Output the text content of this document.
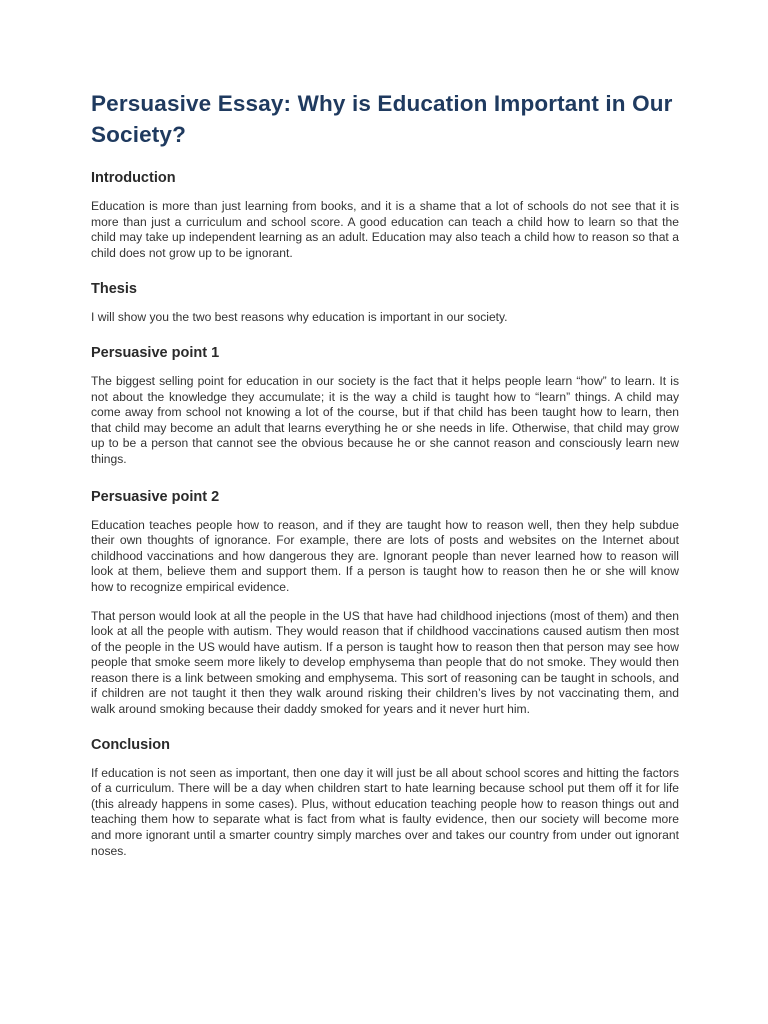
Persuasive Essay: Why is Education Important in Our Society?
Introduction

Education is more than just learning from books, and it is a shame that a lot of schools do not see that it is more than just a curriculum and school score. A good education can teach a child how to learn so that the child may take up independent learning as an adult. Education may also teach a child how to reason so that a child does not grow up to be ignorant.

Thesis

I will show you the two best reasons why education is important in our society.

Persuasive point 1

The biggest selling point for education in our society is the fact that it helps people learn “how” to learn. It is not about the knowledge they accumulate; it is the way a child is taught how to “learn” things. A child may come away from school not knowing a lot of the course, but if that child has been taught how to learn, then that child may become an adult that learns everything he or she needs in life. Otherwise, that child may grow up to be a person that cannot see the obvious because he or she cannot reason and consciously learn new things.

Persuasive point 2

Education teaches people how to reason, and if they are taught how to reason well, then they help subdue their own thoughts of ignorance. For example, there are lots of posts and websites on the Internet about childhood vaccinations and how dangerous they are. Ignorant people than never learned how to reason will look at them, believe them and support them. If a person is taught how to reason then he or she will know how to recognize empirical evidence.

That person would look at all the people in the US that have had childhood injections (most of them) and then look at all the people with autism. They would reason that if childhood vaccinations caused autism then most of the people in the US would have autism. If a person is taught how to reason then that person may see how people that smoke seem more likely to develop emphysema than people that do not smoke. They would then reason there is a link between smoking and emphysema. This sort of reasoning can be taught in schools, and if children are not taught it then they walk around risking their children’s lives by not vaccinating them, and walk around smoking because their daddy smoked for years and it never hurt him.

Conclusion

If education is not seen as important, then one day it will just be all about school scores and hitting the factors of a curriculum. There will be a day when children start to hate learning because school put them off it for life (this already happens in some cases). Plus, without education teaching people how to reason things out and teaching them how to separate what is fact from what is faulty evidence, then our society will become more and more ignorant until a smarter country simply marches over and takes our country from under out ignorant noses.
